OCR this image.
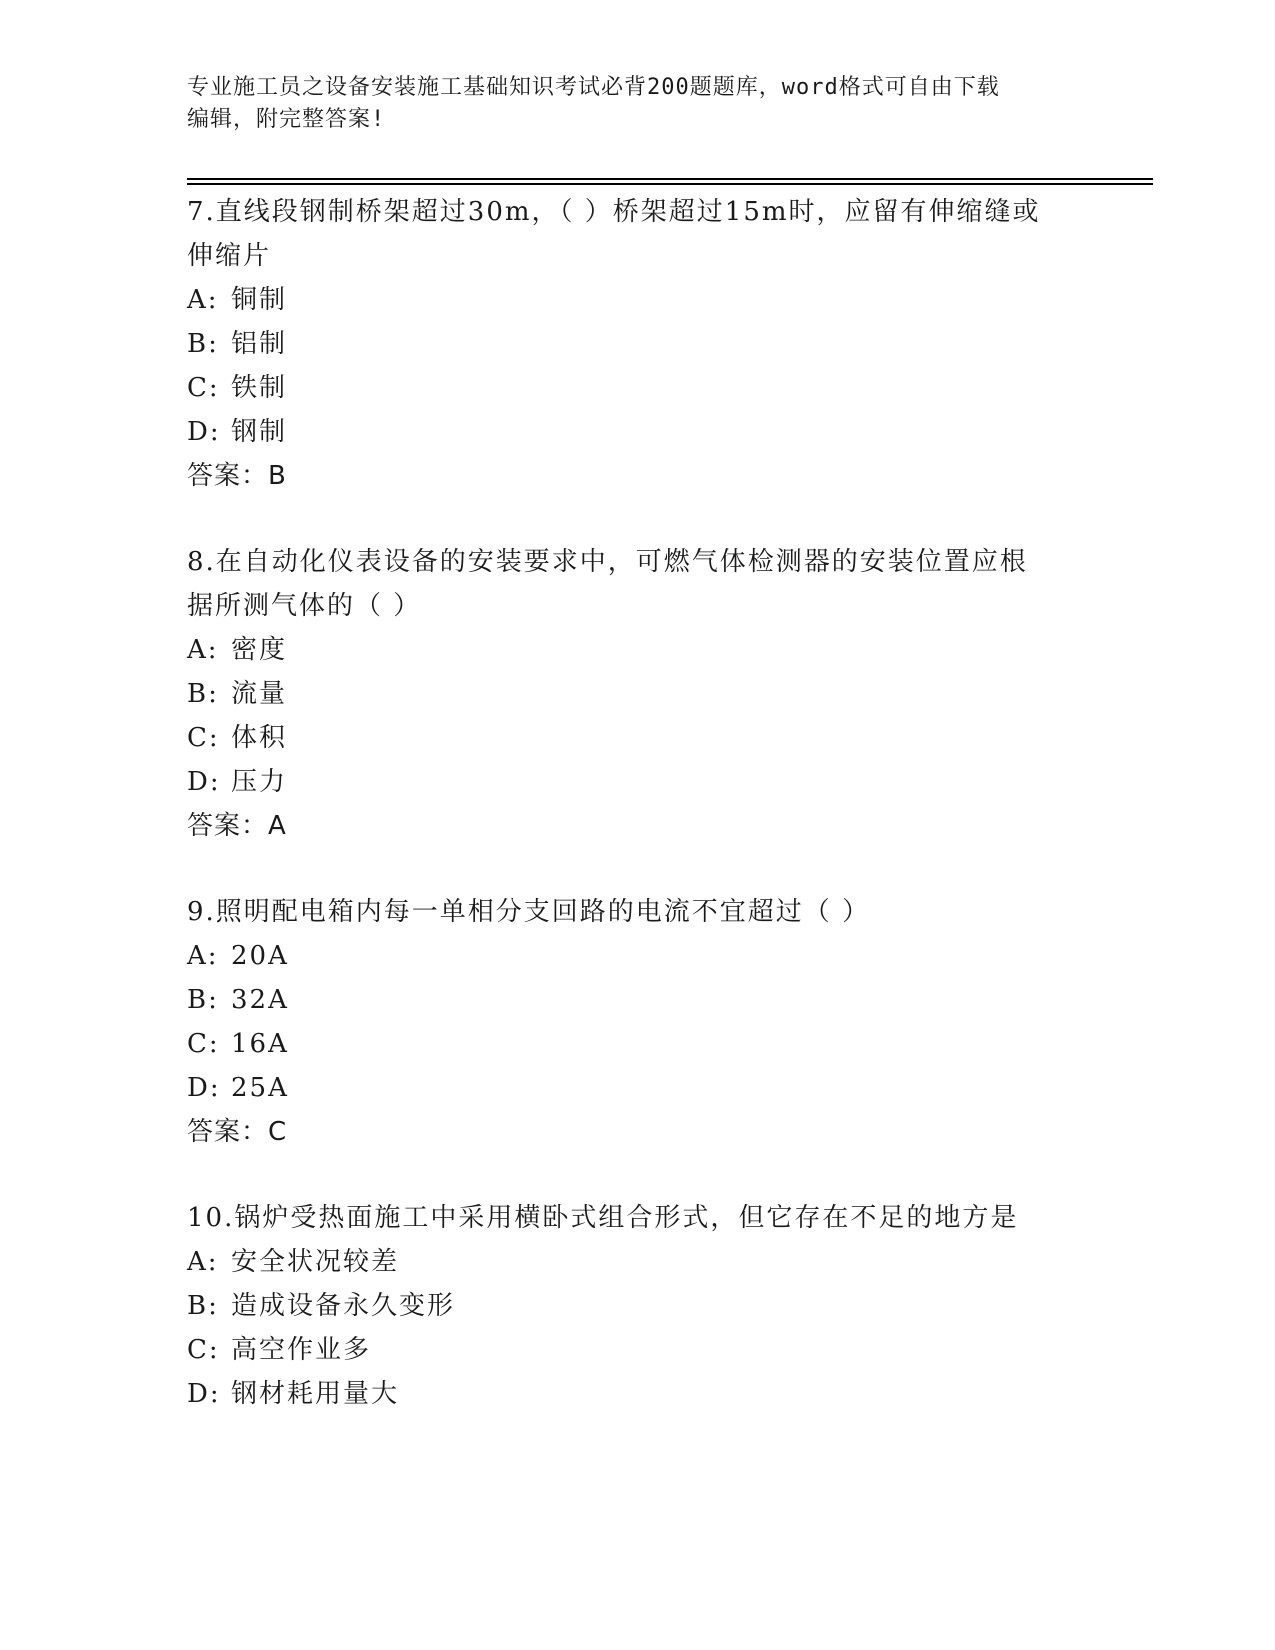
专业施工员之设备安装施工基础知识考试必背200题题库，word格式可自由下载
编辑，附完整答案!

7.直线段钢制桥架超过30m，（ ）桥架超过15m时，应留有伸缩缝或

伸缩片

A: 铜制

B: 铝制

C: 铁制

D: 钢制

答案：B

8.在自动化仪表设备的安装要求中，可燃气体检测器的安装位置应根

据所测气体的（ ）

A: 密度

B: 流量

C: 体积

D: 压力

答案：A

9.照明配电箱内每一单相分支回路的电流不宜超过（ ）

A: 20A

B: 32A

C: 16A

D: 25A

答案：C

10.锅炉受热面施工中采用横卧式组合形式，但它存在不足的地方是

A: 安全状况较差

B: 造成设备永久变形

C: 高空作业多

D: 钢材耗用量大
